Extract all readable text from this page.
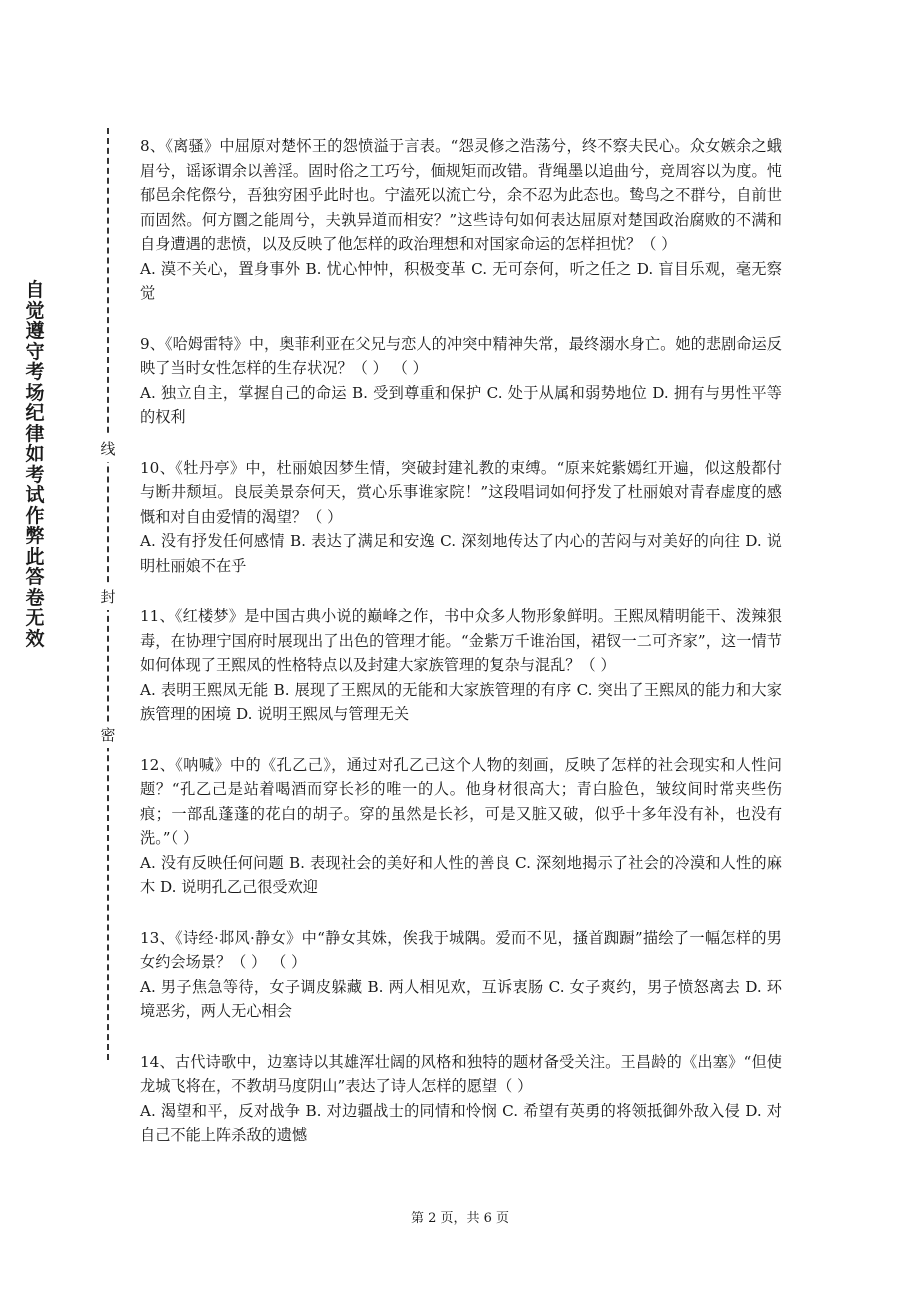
自觉遵守考场纪律如考试作弊此答卷无效
线
封
密

8、《离骚》中屈原对楚怀王的怨愤溢于言表。“怨灵修之浩荡兮，终不察夫民心。众女嫉余之蛾眉兮，谣诼谓余以善淫。固时俗之工巧兮，偭规矩而改错。背绳墨以追曲兮，竞周容以为度。忳郁邑余侘傺兮，吾独穷困乎此时也。宁溘死以流亡兮，余不忍为此态也。鸷鸟之不群兮，自前世而固然。何方圜之能周兮，夫孰异道而相安？”这些诗句如何表达屈原对楚国政治腐败的不满和自身遭遇的悲愤，以及反映了他怎样的政治理想和对国家命运的怎样担忧？（ ）

A. 漠不关心，置身事外 B. 忧心忡忡，积极变革 C. 无可奈何，听之任之 D. 盲目乐观，毫无察觉

9、《哈姆雷特》中，奥菲利亚在父兄与恋人的冲突中精神失常，最终溺水身亡。她的悲剧命运反映了当时女性怎样的生存状况？（ ） （ ）

A. 独立自主，掌握自己的命运 B. 受到尊重和保护 C. 处于从属和弱势地位 D. 拥有与男性平等的权利

10、《牡丹亭》中，杜丽娘因梦生情，突破封建礼教的束缚。“原来姹紫嫣红开遍，似这般都付与断井颓垣。良辰美景奈何天，赏心乐事谁家院！”这段唱词如何抒发了杜丽娘对青春虚度的感慨和对自由爱情的渴望？（ ）

A. 没有抒发任何感情 B. 表达了满足和安逸 C. 深刻地传达了内心的苦闷与对美好的向往 D. 说明杜丽娘不在乎

11、《红楼梦》是中国古典小说的巅峰之作，书中众多人物形象鲜明。王熙凤精明能干、泼辣狠毒，在协理宁国府时展现出了出色的管理才能。“金紫万千谁治国，裙钗一二可齐家”，这一情节如何体现了王熙凤的性格特点以及封建大家族管理的复杂与混乱？（ ）

A. 表明王熙凤无能 B. 展现了王熙凤的无能和大家族管理的有序 C. 突出了王熙凤的能力和大家族管理的困境 D. 说明王熙凤与管理无关

12、《呐喊》中的《孔乙己》，通过对孔乙己这个人物的刻画，反映了怎样的社会现实和人性问题？“孔乙己是站着喝酒而穿长衫的唯一的人。他身材很高大；青白脸色，皱纹间时常夹些伤痕；一部乱蓬蓬的花白的胡子。穿的虽然是长衫，可是又脏又破，似乎十多年没有补，也没有洗。”（ ）

A. 没有反映任何问题 B. 表现社会的美好和人性的善良 C. 深刻地揭示了社会的冷漠和人性的麻木 D. 说明孔乙己很受欢迎

13、《诗经·邶风·静女》中“静女其姝，俟我于城隅。爱而不见，搔首踟蹰”描绘了一幅怎样的男女约会场景？（ ） （ ）

A. 男子焦急等待，女子调皮躲藏 B. 两人相见欢，互诉衷肠 C. 女子爽约，男子愤怒离去 D. 环境恶劣，两人无心相会

14、古代诗歌中，边塞诗以其雄浑壮阔的风格和独特的题材备受关注。王昌龄的《出塞》“但使龙城飞将在，不教胡马度阴山”表达了诗人怎样的愿望（ ）

A. 渴望和平，反对战争 B. 对边疆战士的同情和怜悯 C. 希望有英勇的将领抵御外敌入侵 D. 对自己不能上阵杀敌的遗憾

第 2 页，共 6 页
